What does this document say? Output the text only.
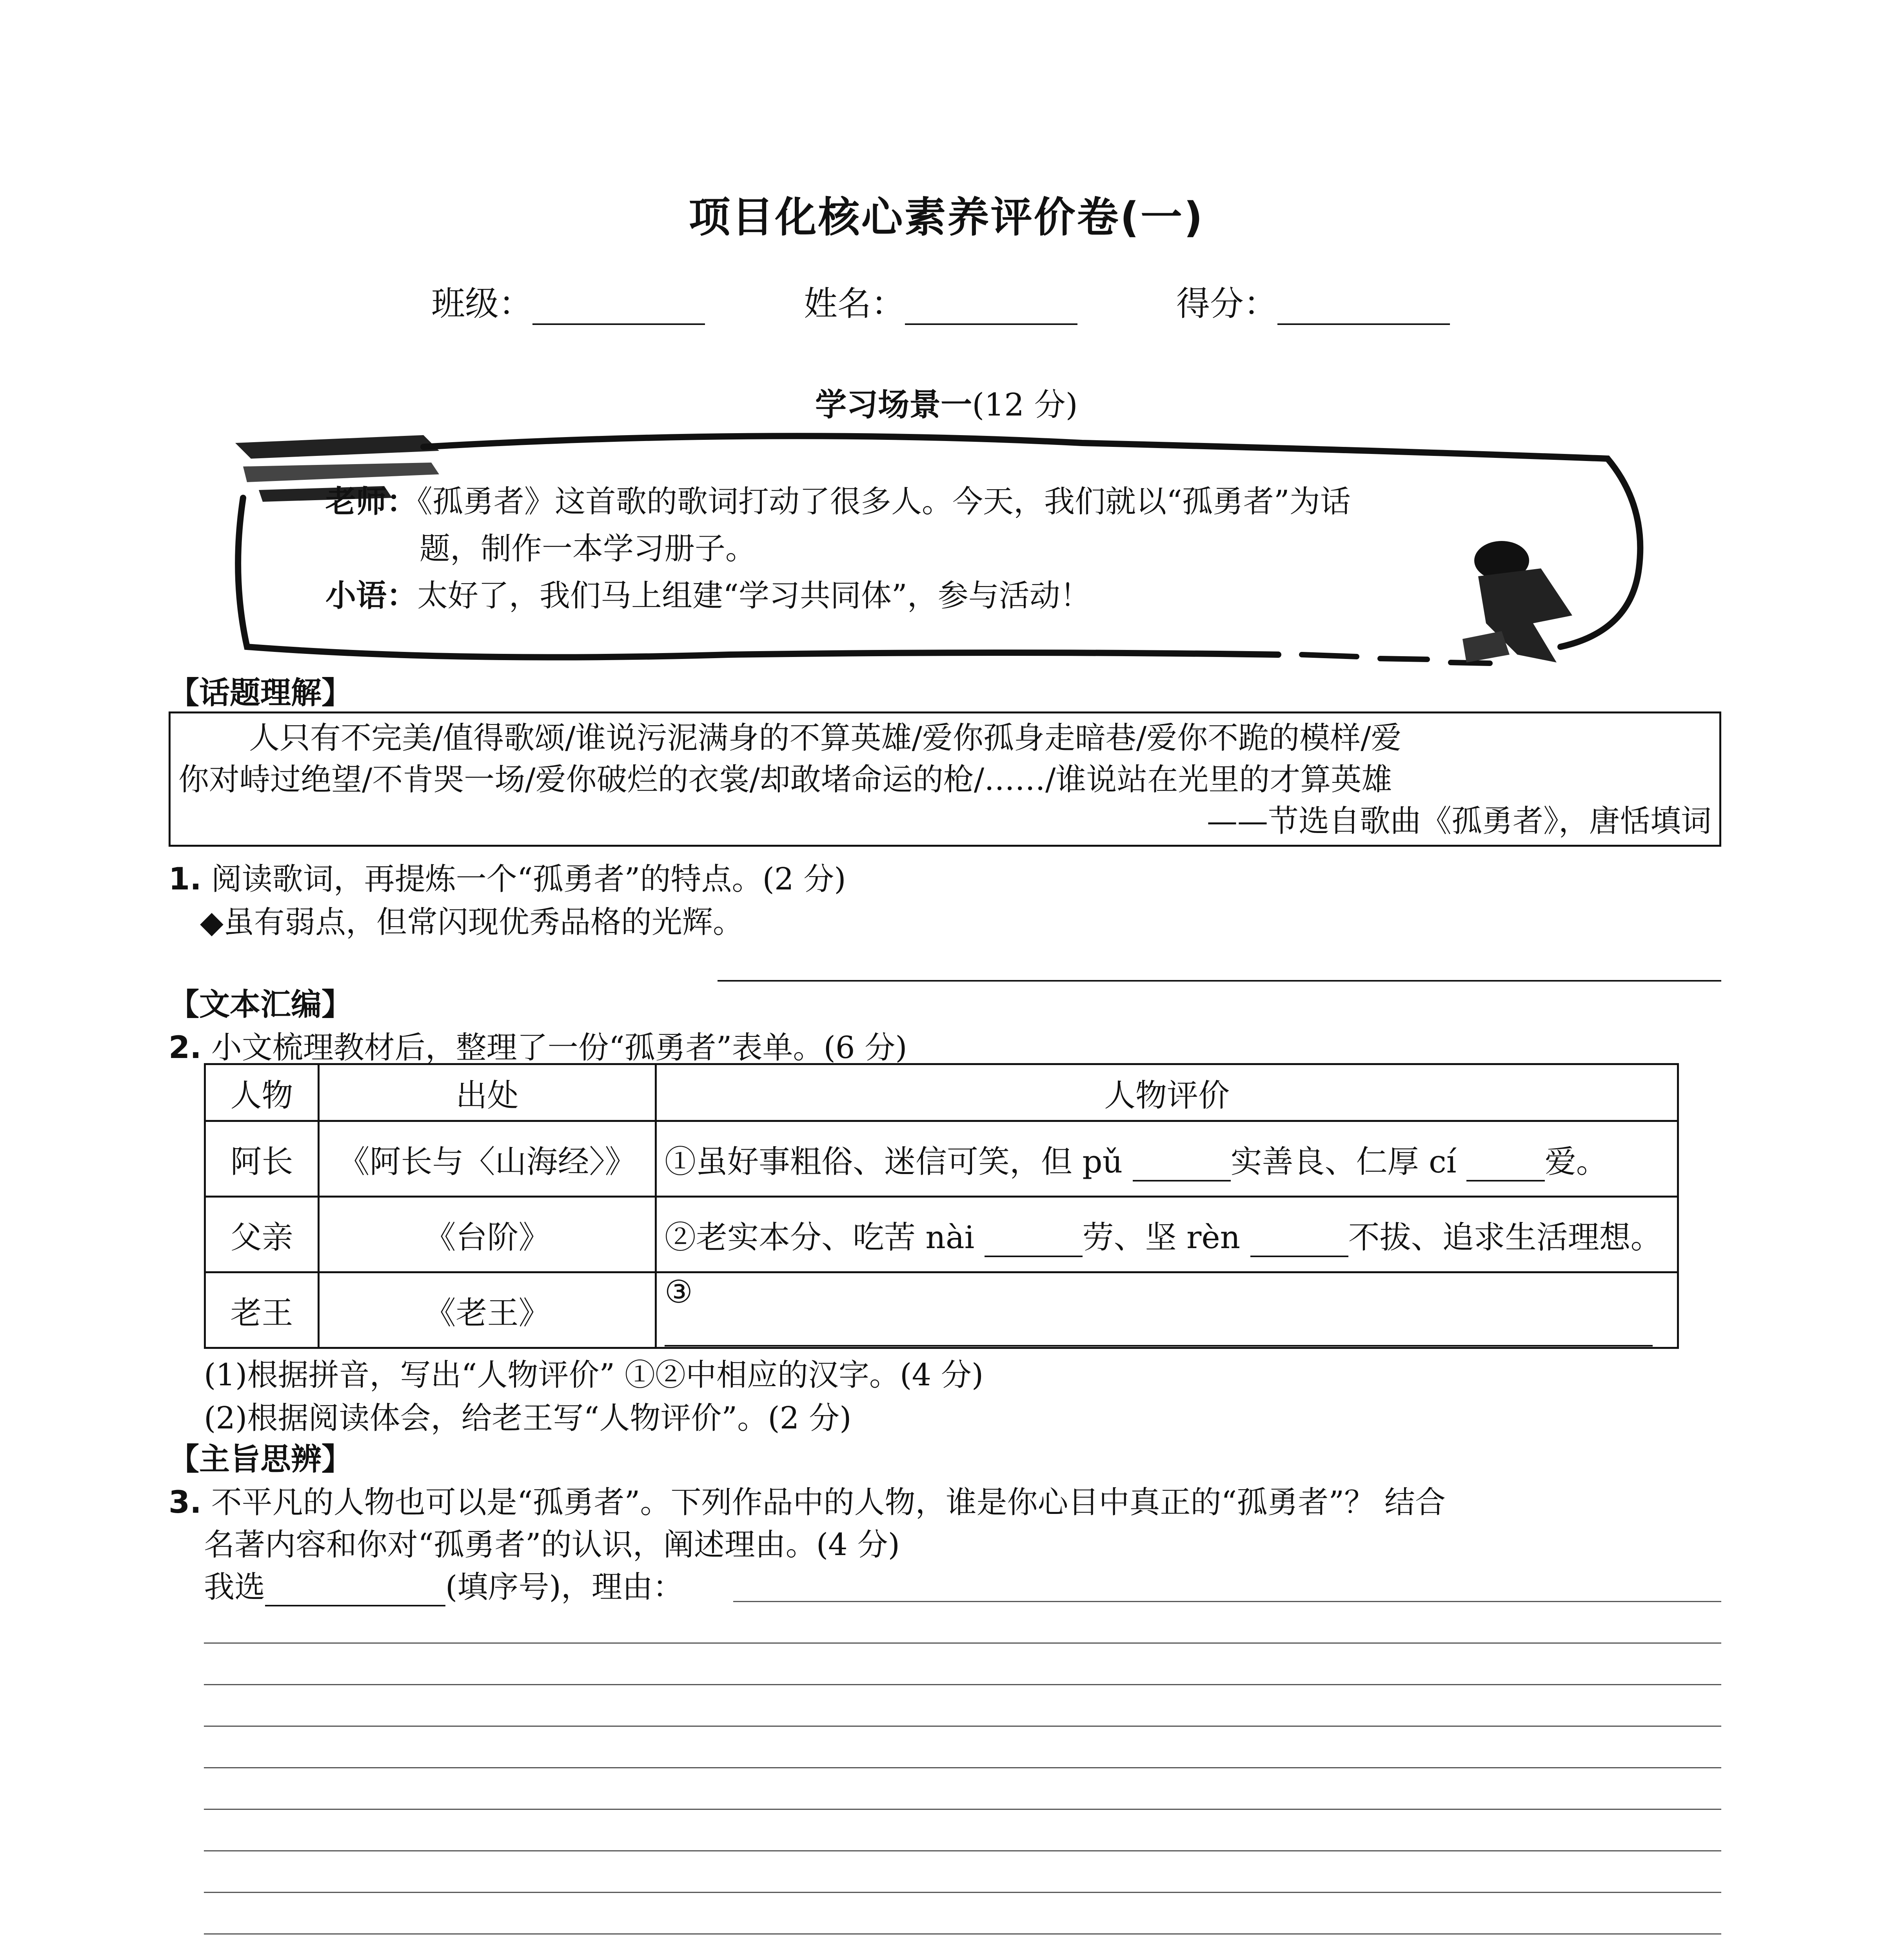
项目化核心素养评价卷(一)
班级：	姓名：	得分：
学习场景一(12 分)
老师：《孤勇者》这首歌的歌词打动了很多人。今天，我们就以“孤勇者”为话
题，制作一本学习册子。
小语：太好了，我们马上组建“学习共同体”，参与活动！
【话题理解】
人只有不完美/值得歌颂/谁说污泥满身的不算英雄/爱你孤身走暗巷/爱你不跪的模样/爱
你对峙过绝望/不肯哭一场/爱你破烂的衣裳/却敢堵命运的枪/……/谁说站在光里的才算英雄
——节选自歌曲《孤勇者》，唐恬填词
1. 阅读歌词，再提炼一个“孤勇者”的特点。(2 分)
◆虽有弱点，但常闪现优秀品格的光辉。
【文本汇编】
2. 小文梳理教材后，整理了一份“孤勇者”表单。(6 分)
人物	出处	人物评价
阿长	《阿长与〈山海经〉》	①虽好事粗俗、迷信可笑，但 pǔ 实善良、仁厚 cí 爱。
父亲	《台阶》	②老实本分、吃苦 nài 劳、坚 rèn 不拔、追求生活理想。
老王	《老王》	③
(1)根据拼音，写出“人物评价” ①②中相应的汉字。(4 分)
(2)根据阅读体会，给老王写“人物评价”。(2 分)
【主旨思辨】
3. 不平凡的人物也可以是“孤勇者”。下列作品中的人物，谁是你心目中真正的“孤勇者”？ 结合
名著内容和你对“孤勇者”的认识，阐述理由。(4 分)
我选	(填序号)，理由：
